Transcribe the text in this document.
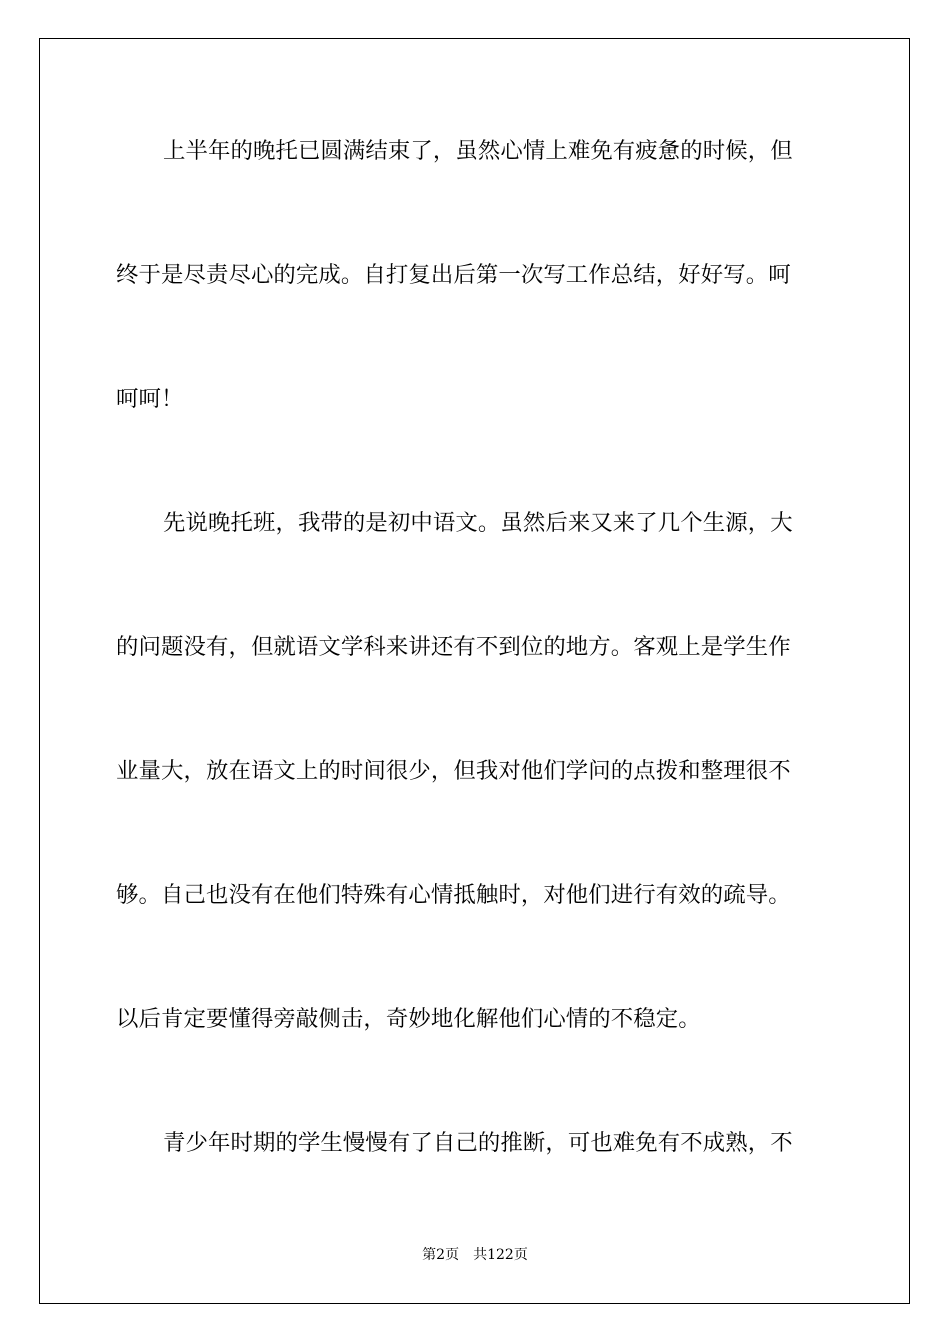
上半年的晚托已圆满结束了，虽然心情上难免有疲惫的时候，但
终于是尽责尽心的完成。自打复出后第一次写工作总结，好好写。呵
呵呵！
先说晚托班，我带的是初中语文。虽然后来又来了几个生源，大
的问题没有，但就语文学科来讲还有不到位的地方。客观上是学生作
业量大，放在语文上的时间很少，但我对他们学问的点拨和整理很不
够。自己也没有在他们特殊有心情抵触时，对他们进行有效的疏导。
以后肯定要懂得旁敲侧击，奇妙地化解他们心情的不稳定。
青少年时期的学生慢慢有了自己的推断，可也难免有不成熟，不
第2页 共122页
